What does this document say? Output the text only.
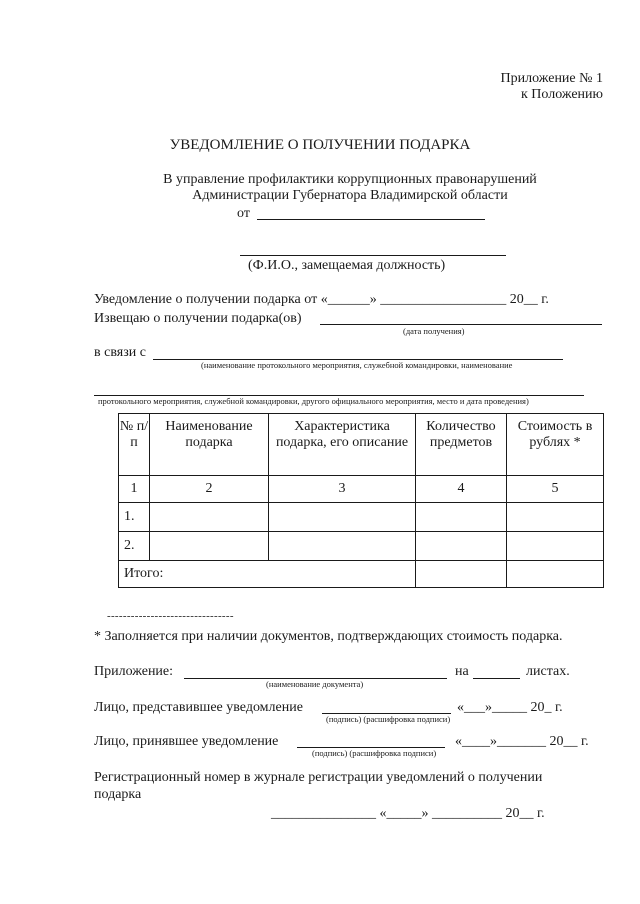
Приложение № 1
к Положению
УВЕДОМЛЕНИЕ О ПОЛУЧЕНИИ ПОДАРКА
В управление профилактики коррупционных правонарушений
Администрации Губернатора Владимирской области
от
(Ф.И.О., замещаемая должность)
Уведомление о получении подарка от «______» __________________ 20__ г.
Извещаю о получении подарка(ов)
(дата получения)
в связи с
(наименование протокольного мероприятия, служебной командировки, наименование
протокольного мероприятия, служебной командировки, другого официального мероприятия, место и дата проведения)
№ п/п	Наименование подарка	Характеристика подарка, его описание	Количество предметов	Стоимость в рублях *
1	2	3	4	5
1.				
2.				
Итого:				
--------------------------------
* Заполняется при наличии документов, подтверждающих стоимость подарка.
Приложение:
(наименование документа)
на	листах.
Лицо, представившее уведомление
(подпись) (расшифровка подписи)
«___»_____ 20_ г.
Лицо, принявшее уведомление
(подпись) (расшифровка подписи)
«____»_______ 20__ г.
Регистрационный номер в журнале регистрации уведомлений о получении
подарка
_______________ «_____» __________ 20__ г.
